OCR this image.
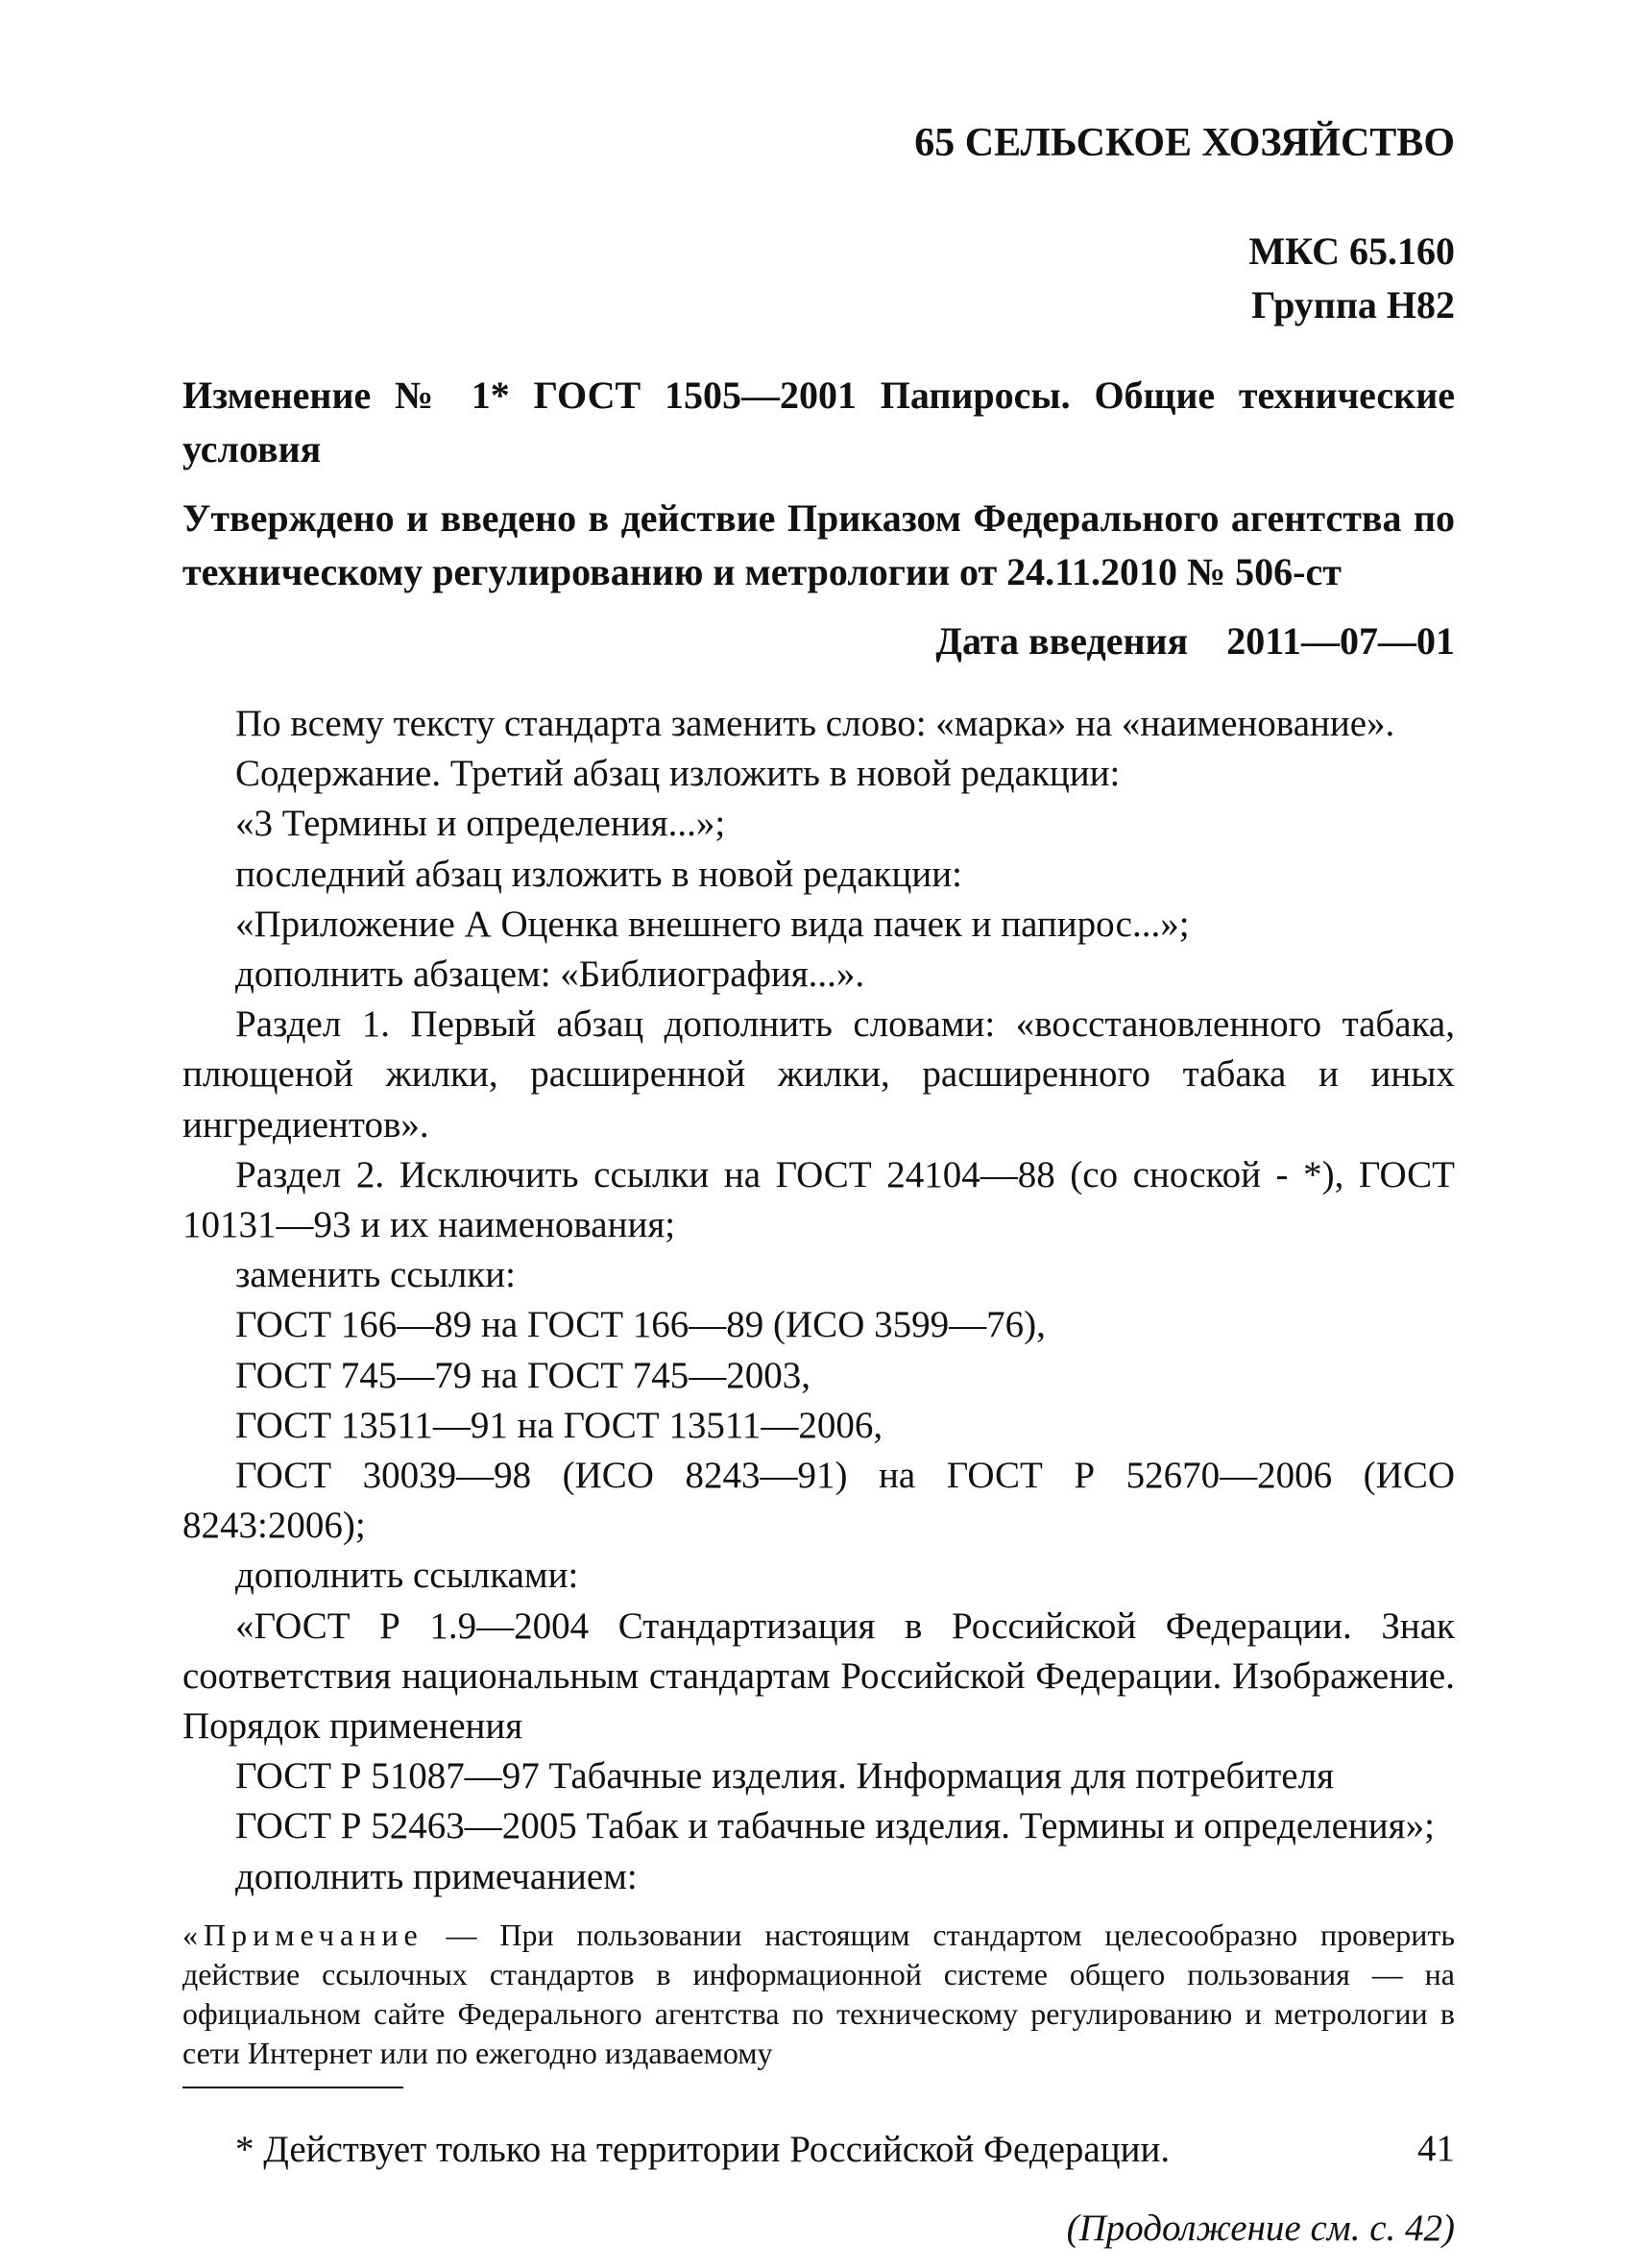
65 СЕЛЬСКОЕ ХОЗЯЙСТВО
МКС 65.160
Группа Н82
Изменение № 1* ГОСТ 1505—2001 Папиросы. Общие технические условия
Утверждено и введено в действие Приказом Федерального агентства по техническому регулированию и метрологии от 24.11.2010 № 506-ст
Дата введения 2011—07—01

По всему тексту стандарта заменить слово: «марка» на «наименование».

Содержание. Третий абзац изложить в новой редакции:

«3 Термины и определения...»;

последний абзац изложить в новой редакции:

«Приложение А Оценка внешнего вида пачек и папирос...»;

дополнить абзацем: «Библиография...».

Раздел 1. Первый абзац дополнить словами: «восстановленного табака, плющеной жилки, расширенной жилки, расширенного табака и иных ингредиентов».

Раздел 2. Исключить ссылки на ГОСТ 24104—88 (со сноской - *), ГОСТ 10131—93 и их наименования;

заменить ссылки:

ГОСТ 166—89 на ГОСТ 166—89 (ИСО 3599—76),

ГОСТ 745—79 на ГОСТ 745—2003,

ГОСТ 13511—91 на ГОСТ 13511—2006,

ГОСТ 30039—98 (ИСО 8243—91) на ГОСТ Р 52670—2006 (ИСО 8243:2006);

дополнить ссылками:

«ГОСТ Р 1.9—2004 Стандартизация в Российской Федерации. Знак соответствия национальным стандартам Российской Федерации. Изображение. Порядок применения

ГОСТ Р 51087—97 Табачные изделия. Информация для потребителя

ГОСТ Р 52463—2005 Табак и табачные изделия. Термины и определения»;

дополнить примечанием:

«Примечание — При пользовании настоящим стандартом целесообразно проверить действие ссылочных стандартов в информационной системе общего пользования — на официальном сайте Федерального агентства по техническому регулированию и метрологии в сети Интернет или по ежегодно издаваемому
* Действует только на территории Российской Федерации.
(Продолжение см. с. 42)
41
